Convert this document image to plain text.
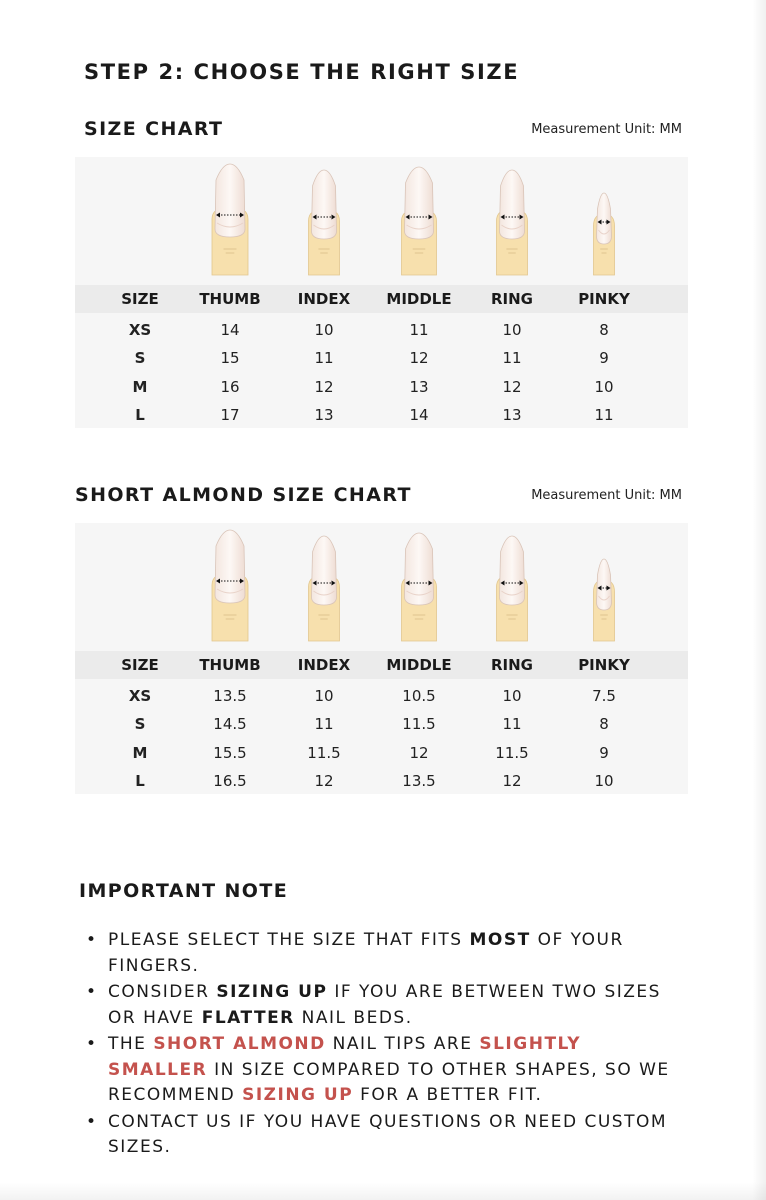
STEP 2: CHOOSE THE RIGHT SIZE
SIZE CHART	Measurement Unit: MM
SIZE	THUMB	INDEX	MIDDLE	RING	PINKY
XS	14	10	11	10	8
S	15	11	12	11	9
M	16	12	13	12	10
L	17	13	14	13	11
SHORT ALMOND SIZE CHART	Measurement Unit: MM
SIZE	THUMB	INDEX	MIDDLE	RING	PINKY
XS	13.5	10	10.5	10	7.5
S	14.5	11	11.5	11	8
M	15.5	11.5	12	11.5	9
L	16.5	12	13.5	12	10
IMPORTANT NOTE
• PLEASE SELECT THE SIZE THAT FITS MOST OF YOUR FINGERS.
• CONSIDER SIZING UP IF YOU ARE BETWEEN TWO SIZES OR HAVE FLATTER NAIL BEDS.
• THE SHORT ALMOND NAIL TIPS ARE SLIGHTLY SMALLER IN SIZE COMPARED TO OTHER SHAPES, SO WE RECOMMEND SIZING UP FOR A BETTER FIT.
• CONTACT US IF YOU HAVE QUESTIONS OR NEED CUSTOM SIZES.
